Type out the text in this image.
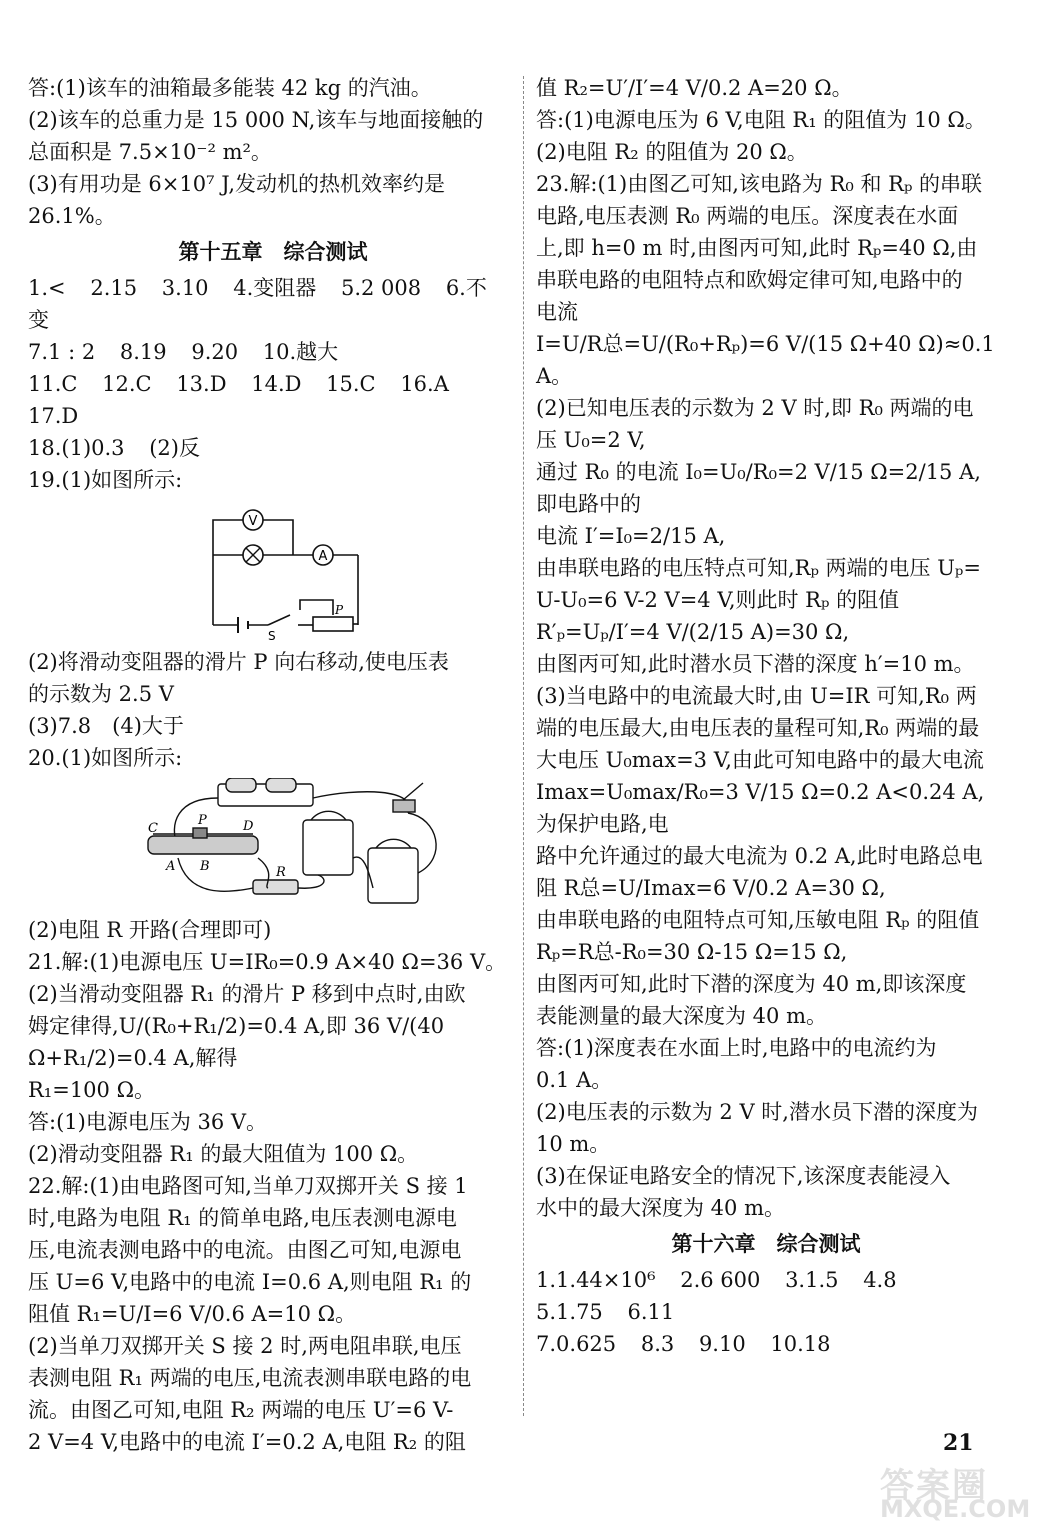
答:(1)该车的油箱最多能装 42 kg 的汽油。

(2)该车的总重力是 15 000 N,该车与地面接触的

总面积是 7.5×10⁻² m²。

(3)有用功是 6×10⁷ J,发动机的热机效率约是

26.1%。

第十五章　综合测试

1.< 2.15 3.10 4.变阻器 5.2 008 6.不变

7.1 : 2 8.19 9.20 10.越大

11.C 12.C 13.D 14.D 15.C 16.A 17.D

18.(1)0.3 (2)反

19.(1)如图所示:

V
A
S
P

(2)将滑动变阻器的滑片 P 向右移动,使电压表

的示数为 2.5 V

(3)7.8　(4)大于

20.(1)如图所示:

C
P	D
A B	R

(2)电阻 R 开路(合理即可)

21.解:(1)电源电压 U=IR₀=0.9 A×40 Ω=36 V。

(2)当滑动变阻器 R₁ 的滑片 P 移到中点时,由欧

姆定律得,U/(R₀+R₁/2)=0.4 A,即 36 V/(40 Ω+R₁/2)=0.4 A,解得

R₁=100 Ω。

答:(1)电源电压为 36 V。

(2)滑动变阻器 R₁ 的最大阻值为 100 Ω。

22.解:(1)由电路图可知,当单刀双掷开关 S 接 1

时,电路为电阻 R₁ 的简单电路,电压表测电源电

压,电流表测电路中的电流。由图乙可知,电源电

压 U=6 V,电路中的电流 I=0.6 A,则电阻 R₁ 的

阻值 R₁=U/I=6 V/0.6 A=10 Ω。

(2)当单刀双掷开关 S 接 2 时,两电阻串联,电压

表测电阻 R₁ 两端的电压,电流表测串联电路的电

流。由图乙可知,电阻 R₂ 两端的电压 U′=6 V-

2 V=4 V,电路中的电流 I′=0.2 A,电阻 R₂ 的阻

值 R₂=U′/I′=4 V/0.2 A=20 Ω。

答:(1)电源电压为 6 V,电阻 R₁ 的阻值为 10 Ω。

(2)电阻 R₂ 的阻值为 20 Ω。

23.解:(1)由图乙可知,该电路为 R₀ 和 Rₚ 的串联

电路,电压表测 R₀ 两端的电压。深度表在水面

上,即 h=0 m 时,由图丙可知,此时 Rₚ=40 Ω,由

串联电路的电阻特点和欧姆定律可知,电路中的

电流

I=U/R总=U/(R₀+Rₚ)=6 V/(15 Ω+40 Ω)≈0.1 A。

(2)已知电压表的示数为 2 V 时,即 R₀ 两端的电

压 U₀=2 V,

通过 R₀ 的电流 I₀=U₀/R₀=2 V/15 Ω=2/15 A,即电路中的

电流 I′=I₀=2/15 A,

由串联电路的电压特点可知,Rₚ 两端的电压 Uₚ=

U-U₀=6 V-2 V=4 V,则此时 Rₚ 的阻值

R′ₚ=Uₚ/I′=4 V/(2/15 A)=30 Ω,

由图丙可知,此时潜水员下潜的深度 h′=10 m。

(3)当电路中的电流最大时,由 U=IR 可知,R₀ 两

端的电压最大,由电压表的量程可知,R₀ 两端的最

大电压 U₀max=3 V,由此可知电路中的最大电流

Imax=U₀max/R₀=3 V/15 Ω=0.2 A<0.24 A,为保护电路,电

路中允许通过的最大电流为 0.2 A,此时电路总电

阻 R总=U/Imax=6 V/0.2 A=30 Ω,

由串联电路的电阻特点可知,压敏电阻 Rₚ 的阻值

Rₚ=R总-R₀=30 Ω-15 Ω=15 Ω,

由图丙可知,此时下潜的深度为 40 m,即该深度

表能测量的最大深度为 40 m。

答:(1)深度表在水面上时,电路中的电流约为

0.1 A。

(2)电压表的示数为 2 V 时,潜水员下潜的深度为

10 m。

(3)在保证电路安全的情况下,该深度表能浸入

水中的最大深度为 40 m。

第十六章　综合测试

1.1.44×10⁶ 2.6 600 3.1.5 4.8 5.1.75 6.11

7.0.625 8.3 9.10 10.18

21
答案圈
MXQE.COM
